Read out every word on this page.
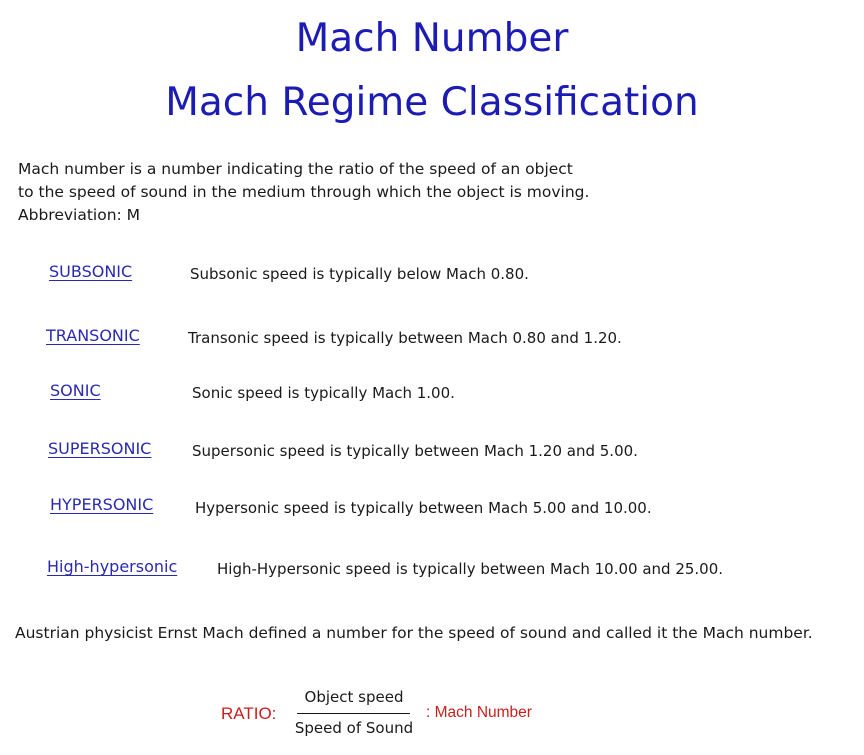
Mach Number
Mach Regime Classification
Mach number is a number indicating the ratio of the speed of an object
to the speed of sound in the medium through which the object is moving.
Abbreviation: M
SUBSONIC	Subsonic speed is typically below Mach 0.80.
TRANSONIC	Transonic speed is typically between Mach 0.80 and 1.20.
SONIC	Sonic speed is typically Mach 1.00.
SUPERSONIC	Supersonic speed is typically between Mach 1.20 and 5.00.
HYPERSONIC	Hypersonic speed is typically between Mach 5.00 and 10.00.
High-hypersonic	High-Hypersonic speed is typically between Mach 10.00 and 25.00.
Austrian physicist Ernst Mach defined a number for the speed of sound and called it the Mach number.
RATIO:
Object speed
Speed of Sound
: Mach Number
